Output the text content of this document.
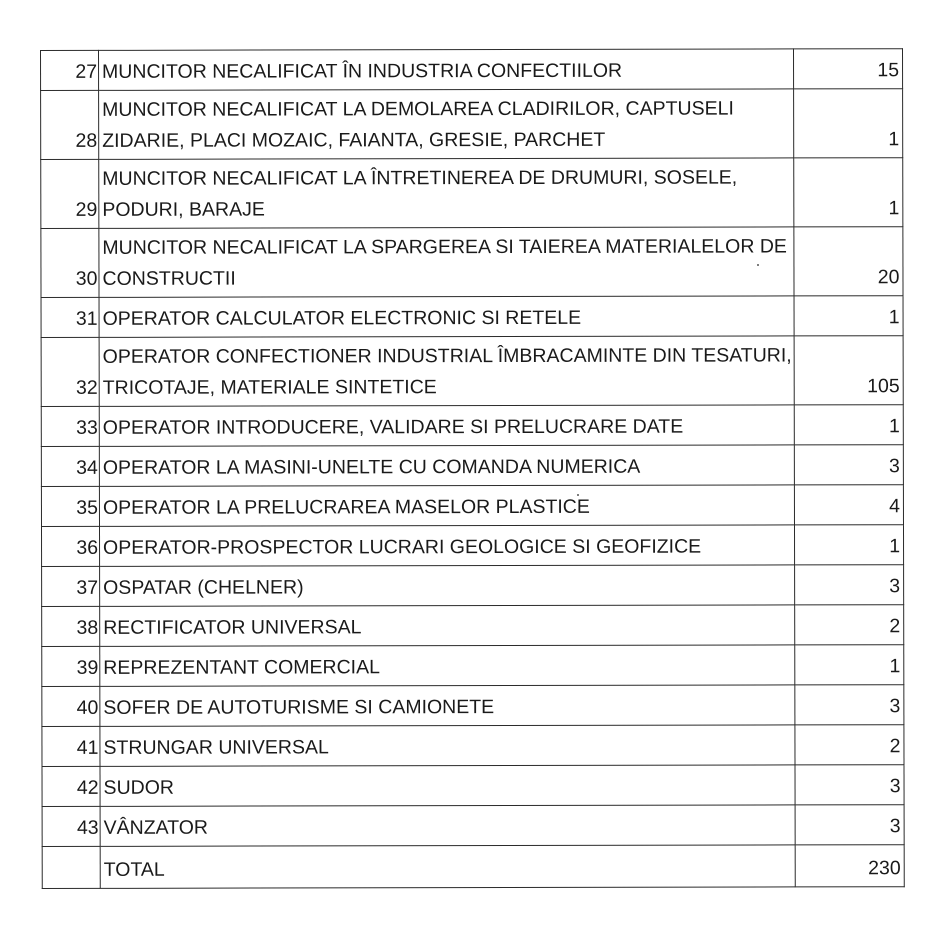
27	MUNCITOR NECALIFICAT ÎN INDUSTRIA CONFECTIILOR	15
28	MUNCITOR NECALIFICAT LA DEMOLAREA CLADIRILOR, CAPTUSELI
ZIDARIE, PLACI MOZAIC, FAIANTA, GRESIE, PARCHET	1
29	MUNCITOR NECALIFICAT LA ÎNTRETINEREA DE DRUMURI, SOSELE,
PODURI, BARAJE	1
30	MUNCITOR NECALIFICAT LA SPARGEREA SI TAIEREA MATERIALELOR DE
CONSTRUCTII	20
31	OPERATOR CALCULATOR ELECTRONIC SI RETELE	1
32	OPERATOR CONFECTIONER INDUSTRIAL ÎMBRACAMINTE DIN TESATURI,
TRICOTAJE, MATERIALE SINTETICE	105
33	OPERATOR INTRODUCERE, VALIDARE SI PRELUCRARE DATE	1
34	OPERATOR LA MASINI-UNELTE CU COMANDA NUMERICA	3
35	OPERATOR LA PRELUCRAREA MASELOR PLASTICE	4
36	OPERATOR-PROSPECTOR LUCRARI GEOLOGICE SI GEOFIZICE	1
37	OSPATAR (CHELNER)	3
38	RECTIFICATOR UNIVERSAL	2
39	REPREZENTANT COMERCIAL	1
40	SOFER DE AUTOTURISME SI CAMIONETE	3
41	STRUNGAR UNIVERSAL	2
42	SUDOR	3
43	VÂNZATOR	3
	TOTAL	230
